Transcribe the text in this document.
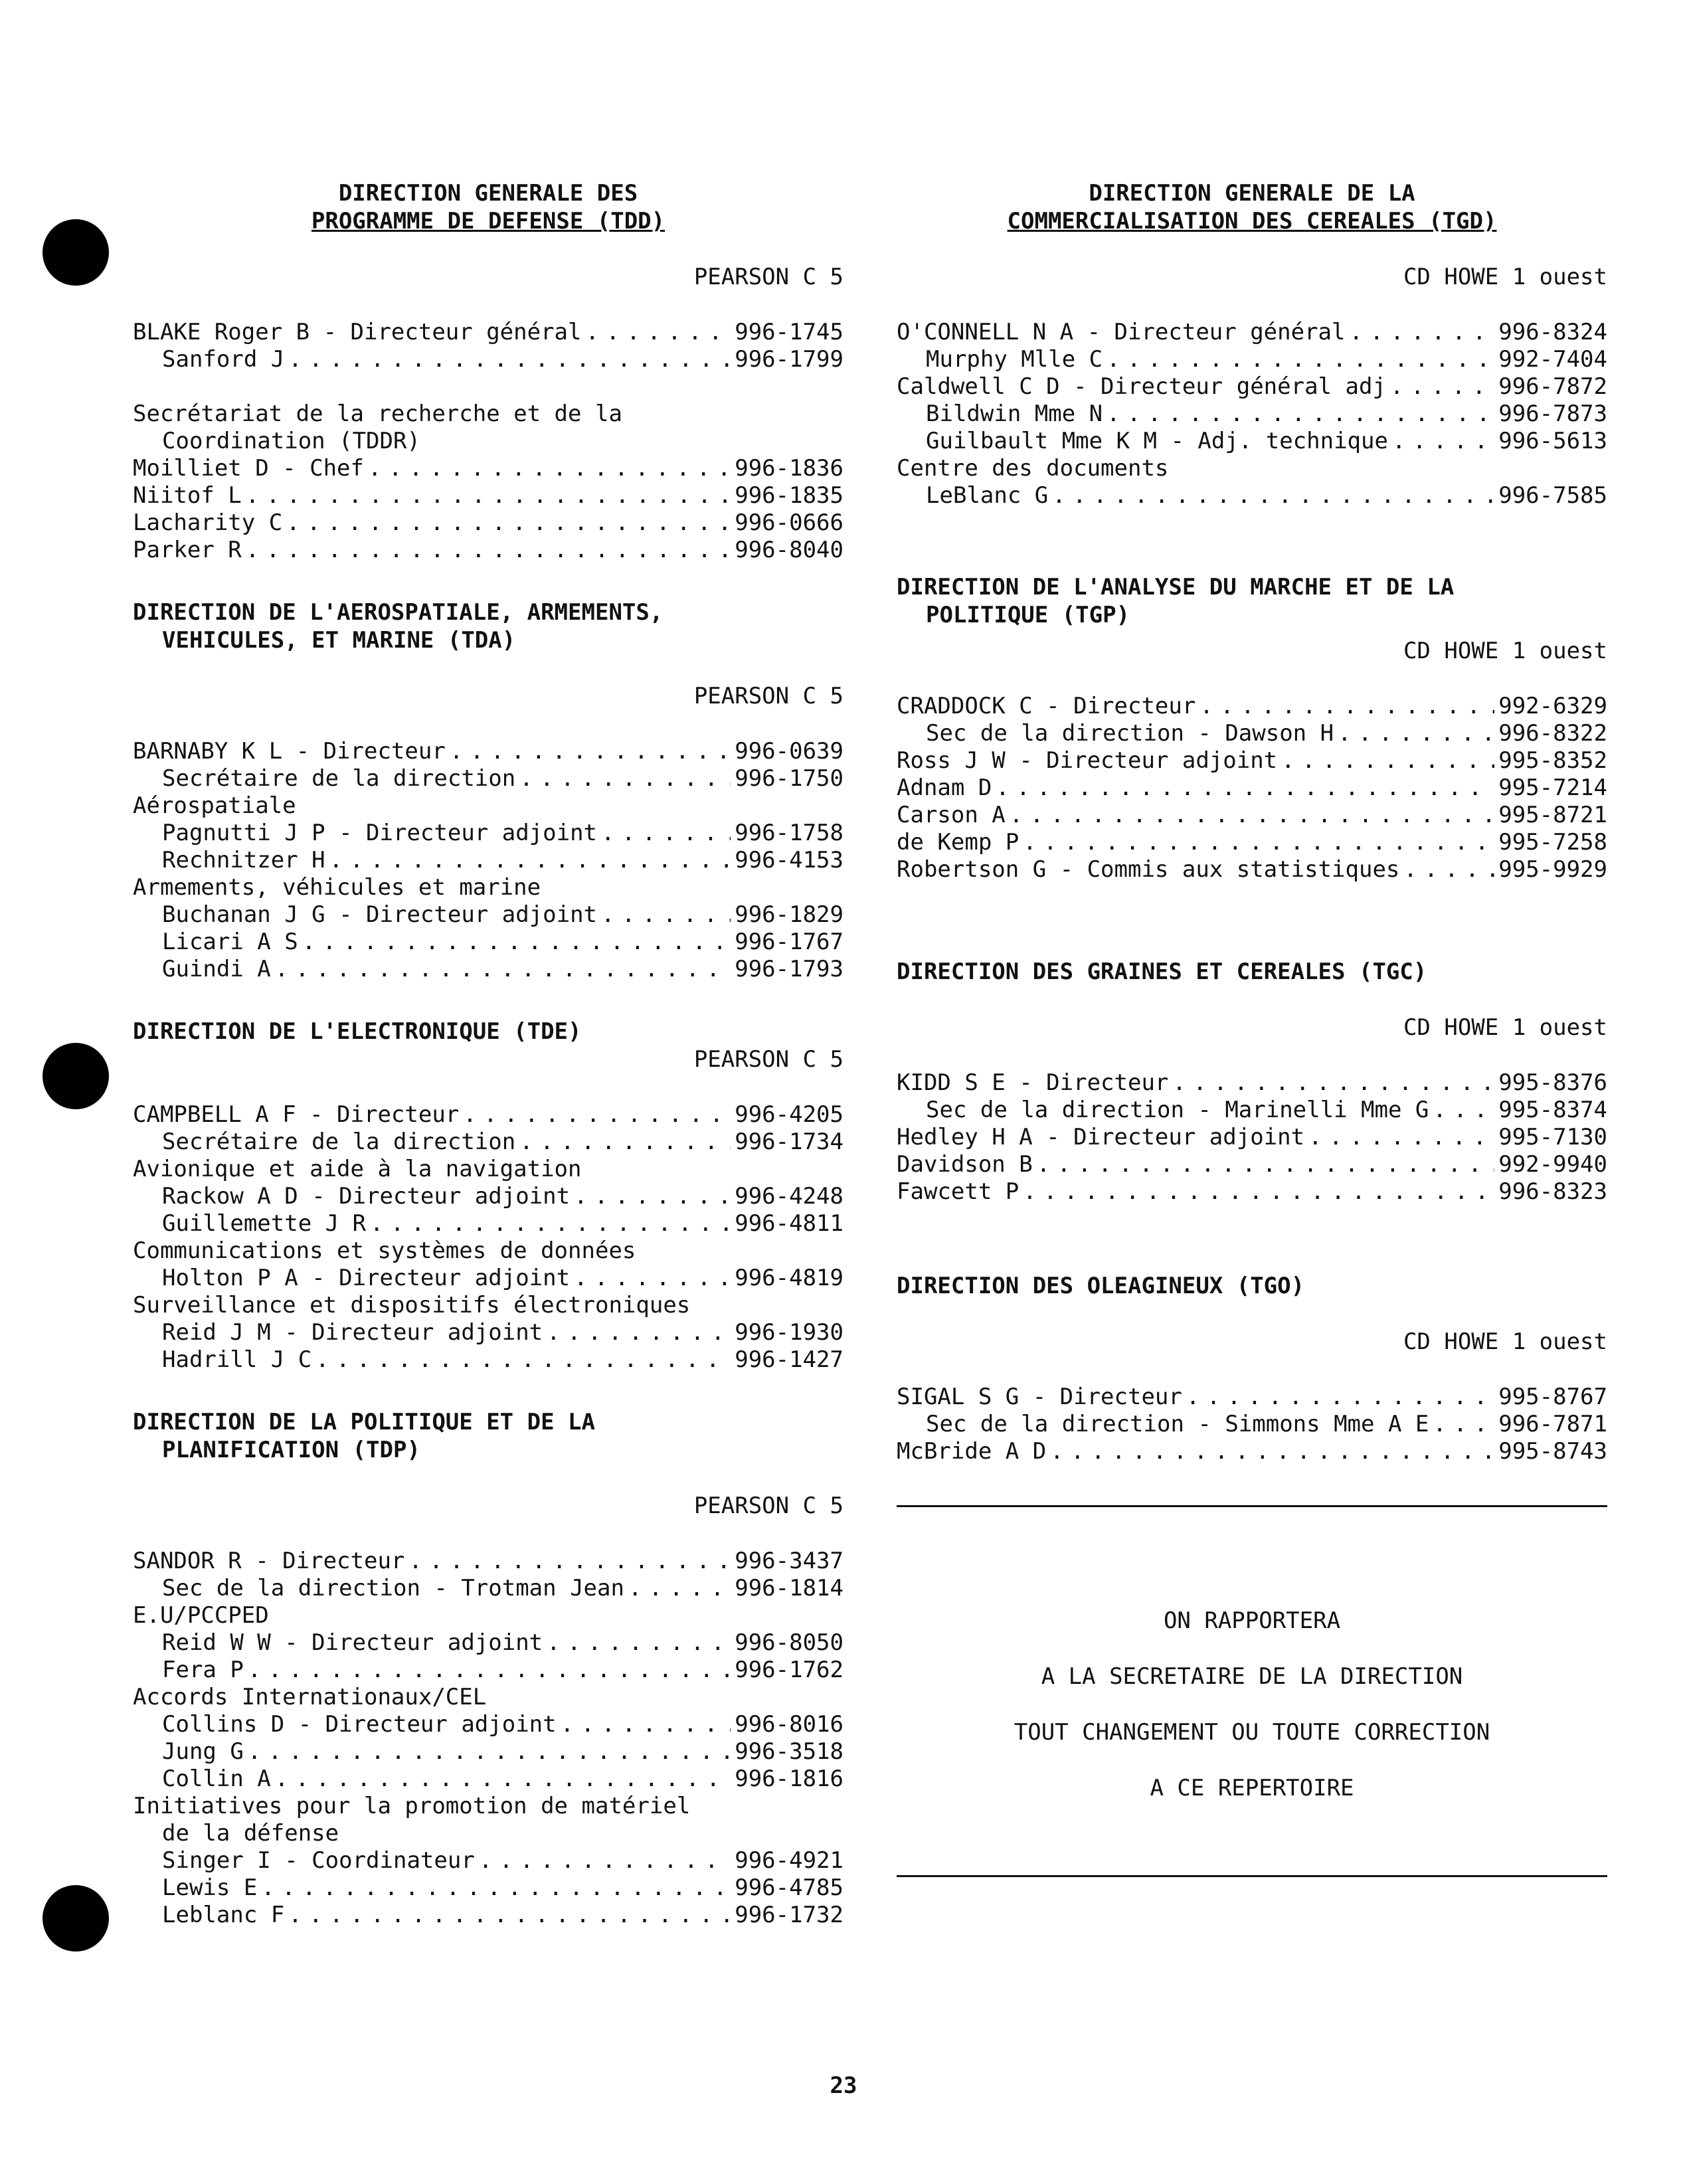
DIRECTION GENERALE DES
PROGRAMME DE DEFENSE (TDD)
PEARSON C 5
BLAKE Roger B - Directeur général . . .	996-1745
Sanford J . . .	996-1799
Secrétariat de la recherche et de la
Coordination (TDDR)
Moilliet D - Chef . . .	996-1836
Niitof L . . .	996-1835
Lacharity C . . .	996-0666
Parker R . . .	996-8040
DIRECTION DE L'AEROSPATIALE, ARMEMENTS,
VEHICULES, ET MARINE (TDA)
PEARSON C 5
BARNABY K L - Directeur . . .	996-0639
Secrétaire de la direction . . .	996-1750
Aérospatiale
Pagnutti J P - Directeur adjoint . . .	996-1758
Rechnitzer H . . .	996-4153
Armements, véhicules et marine
Buchanan J G - Directeur adjoint . . .	996-1829
Licari A S . . .	996-1767
Guindi A . . .	996-1793
DIRECTION DE L'ELECTRONIQUE (TDE)
PEARSON C 5
CAMPBELL A F - Directeur . . .	996-4205
Secrétaire de la direction . . .	996-1734
Avionique et aide à la navigation
Rackow A D - Directeur adjoint . . .	996-4248
Guillemette J R . . .	996-4811
Communications et systèmes de données
Holton P A - Directeur adjoint . . .	996-4819
Surveillance et dispositifs électroniques
Reid J M - Directeur adjoint . . .	996-1930
Hadrill J C . . .	996-1427
DIRECTION DE LA POLITIQUE ET DE LA
PLANIFICATION (TDP)
PEARSON C 5
SANDOR R - Directeur . . .	996-3437
Sec de la direction - Trotman Jean . . .	996-1814
E.U/PCCPED
Reid W W - Directeur adjoint . . .	996-8050
Fera P . . .	996-1762
Accords Internationaux/CEL
Collins D - Directeur adjoint . . .	996-8016
Jung G . . .	996-3518
Collin A . . .	996-1816
Initiatives pour la promotion de matériel
de la défense
Singer I - Coordinateur . . .	996-4921
Lewis E . . .	996-4785
Leblanc F . . .	996-1732
DIRECTION GENERALE DE LA
COMMERCIALISATION DES CEREALES (TGD)
CD HOWE 1 ouest
O'CONNELL N A - Directeur général . . .	996-8324
Murphy Mlle C . . .	992-7404
Caldwell C D - Directeur général adj . . .	996-7872
Bildwin Mme N . . .	996-7873
Guilbault Mme K M - Adj. technique . . .	996-5613
Centre des documents
LeBlanc G . . .	996-7585
DIRECTION DE L'ANALYSE DU MARCHE ET DE LA
POLITIQUE (TGP)
CD HOWE 1 ouest
CRADDOCK C - Directeur . . .	992-6329
Sec de la direction - Dawson H . . .	996-8322
Ross J W - Directeur adjoint . . .	995-8352
Adnam D . . .	995-7214
Carson A . . .	995-8721
de Kemp P . . .	995-7258
Robertson G - Commis aux statistiques . . .	995-9929
DIRECTION DES GRAINES ET CEREALES (TGC)
CD HOWE 1 ouest
KIDD S E - Directeur . . .	995-8376
Sec de la direction - Marinelli Mme G . . .	995-8374
Hedley H A - Directeur adjoint . . .	995-7130
Davidson B . . .	992-9940
Fawcett P . . .	996-8323
DIRECTION DES OLEAGINEUX (TGO)
CD HOWE 1 ouest
SIGAL S G - Directeur . . .	995-8767
Sec de la direction - Simmons Mme A E . . .	996-7871
McBride A D . . .	995-8743

ON RAPPORTERA

A LA SECRETAIRE DE LA DIRECTION

TOUT CHANGEMENT OU TOUTE CORRECTION

A CE REPERTOIRE

23
